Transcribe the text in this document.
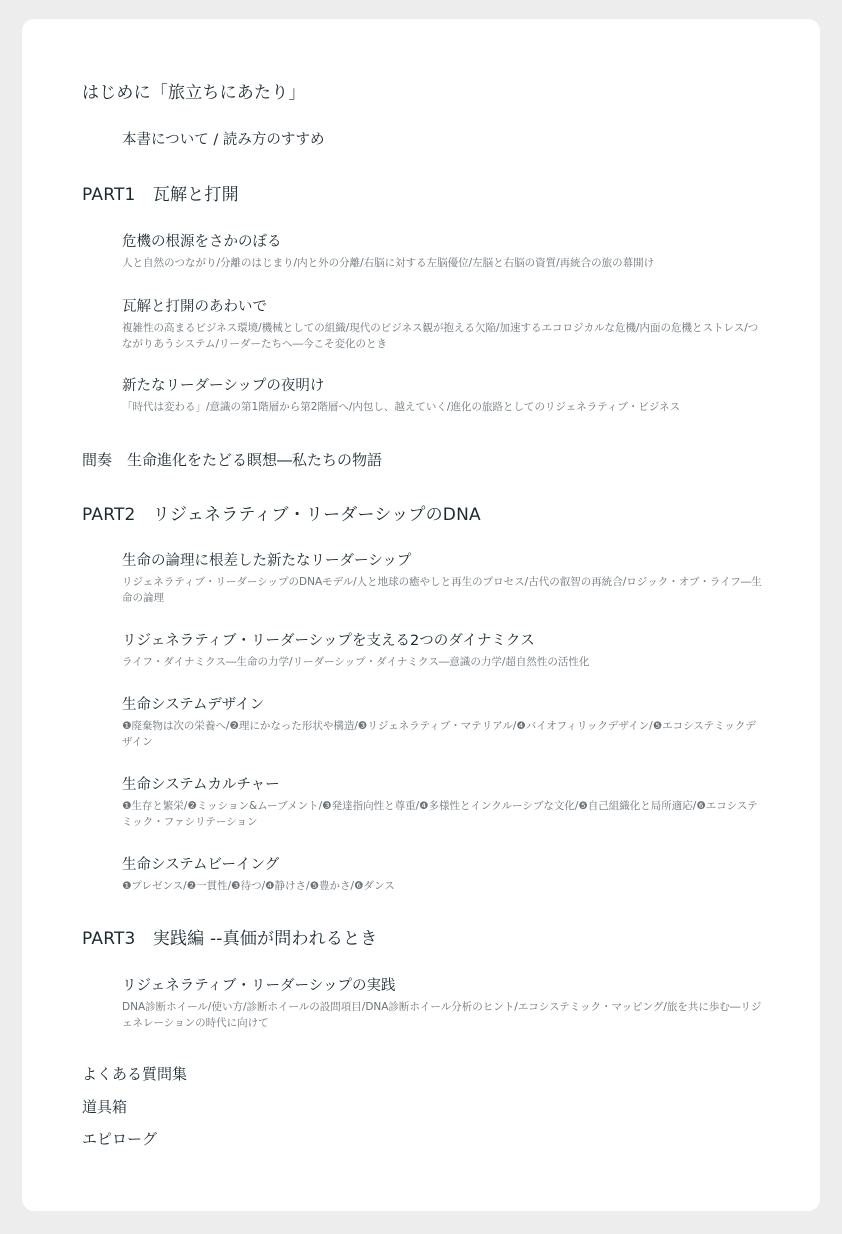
はじめに「旅立ちにあたり」
本書について / 読み方のすすめ
PART1　瓦解と打開
危機の根源をさかのぼる
人と自然のつながり/分離のはじまり/内と外の分離/右脳に対する左脳優位/左脳と右脳の資質/再統合の旅の幕開け
瓦解と打開のあわいで
複雑性の高まるビジネス環境/機械としての組織/現代のビジネス観が抱える欠陥/加速するエコロジカルな危機/内面の危機とストレス/つながりあうシステム/リーダーたちへ―今こそ変化のとき
新たなリーダーシップの夜明け
「時代は変わる」/意識の第1階層から第2階層へ/内包し、越えていく/進化の旅路としてのリジェネラティブ・ビジネス
間奏　生命進化をたどる瞑想―私たちの物語
PART2　リジェネラティブ・リーダーシップのDNA
生命の論理に根差した新たなリーダーシップ
リジェネラティブ・リーダーシップのDNAモデル/人と地球の癒やしと再生のプロセス/古代の叡智の再統合/ロジック・オブ・ライフ―生命の論理
リジェネラティブ・リーダーシップを支える2つのダイナミクス
ライフ・ダイナミクス―生命の力学/リーダーシップ・ダイナミクス―意識の力学/超自然性の活性化
生命システムデザイン
❶廃棄物は次の栄養へ/❷理にかなった形状や構造/❸リジェネラティブ・マテリアル/❹バイオフィリックデザイン/❺エコシステミックデザイン
生命システムカルチャー
❶生存と繁栄/❷ミッション&ムーブメント/❸発達指向性と尊重/❹多様性とインクルーシブな文化/❺自己組織化と局所適応/❻エコシステミック・ファシリテーション
生命システムビーイング
❶プレゼンス/❷一貫性/❸待つ/❹静けさ/❺豊かさ/❻ダンス
PART3　実践編 --真価が問われるとき
リジェネラティブ・リーダーシップの実践
DNA診断ホイール/使い方/診断ホイールの設問項目/DNA診断ホイール分析のヒント/エコシステミック・マッピング/旅を共に歩む―リジェネレーションの時代に向けて
よくある質問集
道具箱
エピローグ
